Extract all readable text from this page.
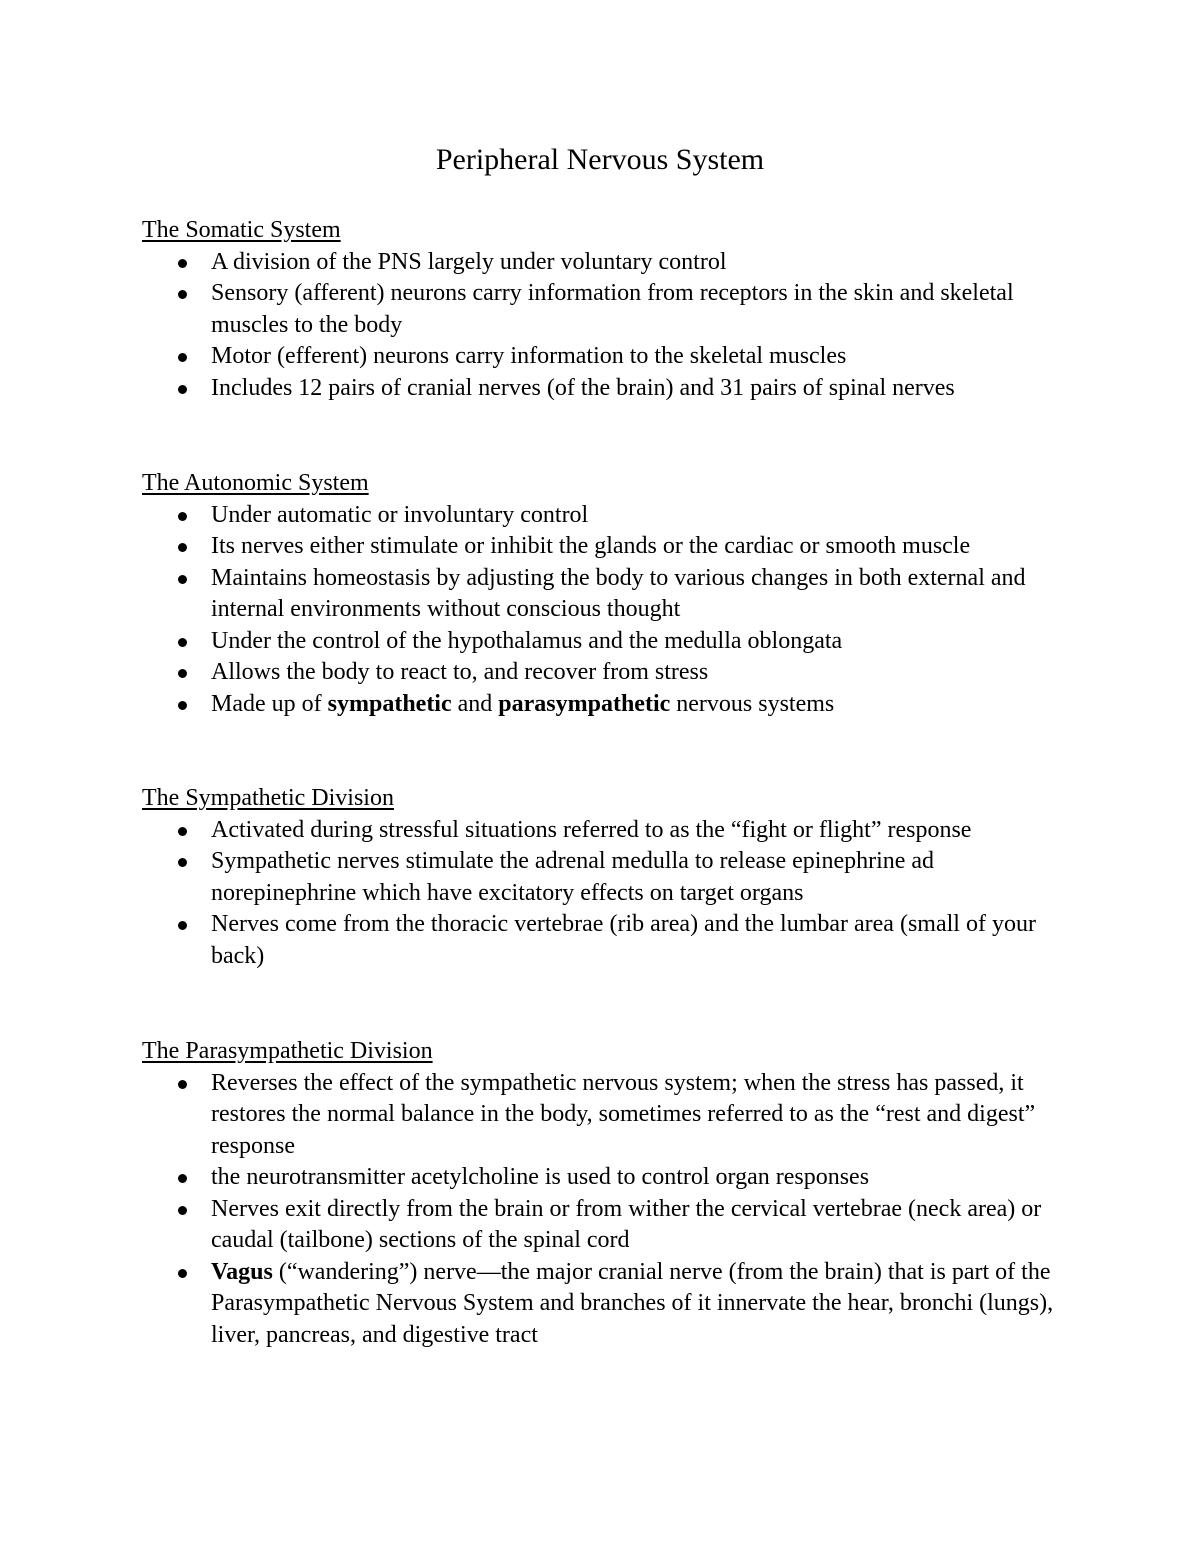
Peripheral Nervous System
The Somatic System
A division of the PNS largely under voluntary control
Sensory (afferent) neurons carry information from receptors in the skin and skeletal muscles to the body
Motor (efferent) neurons carry information to the skeletal muscles
Includes 12 pairs of cranial nerves (of the brain) and 31 pairs of spinal nerves
The Autonomic System
Under automatic or involuntary control
Its nerves either stimulate or inhibit the glands or the cardiac or smooth muscle
Maintains homeostasis by adjusting the body to various changes in both external and internal environments without conscious thought
Under the control of the hypothalamus and the medulla oblongata
Allows the body to react to, and recover from stress
Made up of sympathetic and parasympathetic nervous systems
The Sympathetic Division
Activated during stressful situations referred to as the “fight or flight” response
Sympathetic nerves stimulate the adrenal medulla to release epinephrine ad norepinephrine which have excitatory effects on target organs
Nerves come from the thoracic vertebrae (rib area) and the lumbar area (small of your back)
The Parasympathetic Division
Reverses the effect of the sympathetic nervous system; when the stress has passed, it restores the normal balance in the body, sometimes referred to as the “rest and digest” response
the neurotransmitter acetylcholine is used to control organ responses
Nerves exit directly from the brain or from wither the cervical vertebrae (neck area) or caudal (tailbone) sections of the spinal cord
Vagus (“wandering”) nerve—the major cranial nerve (from the brain) that is part of the Parasympathetic Nervous System and branches of it innervate the hear, bronchi (lungs), liver, pancreas, and digestive tract
